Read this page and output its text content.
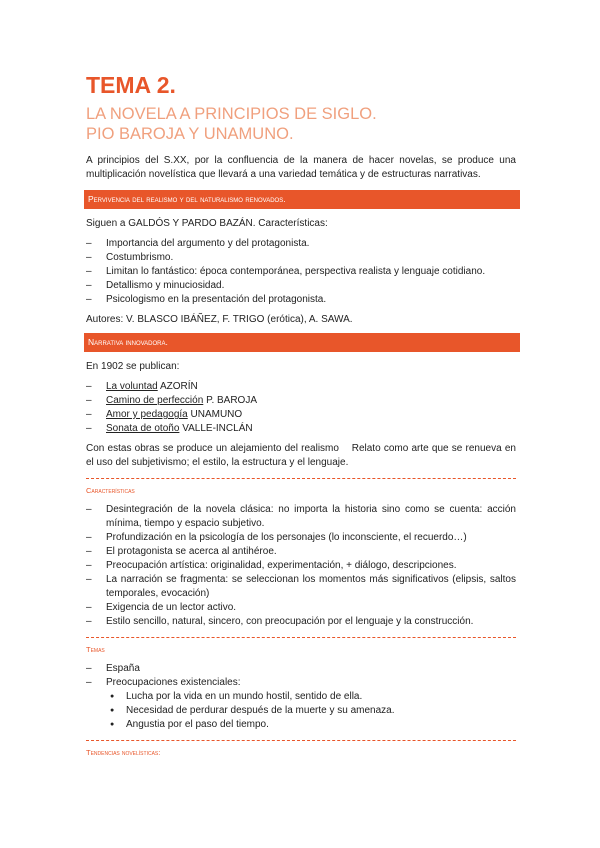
TEMA 2.
LA NOVELA A PRINCIPIOS DE SIGLO.
PIO BAROJA Y UNAMUNO.

A principios del S.XX, por la confluencia de la manera de hacer novelas, se produce una multiplicación novelística que llevará a una variedad temática y de estructuras narrativas.

Pervivencia del realismo y del naturalismo renovados.

Siguen a GALDÓS Y PARDO BAZÁN. Características:

– Importancia del argumento y del protagonista.
– Costumbrismo.
– Limitan lo fantástico: época contemporánea, perspectiva realista y lenguaje cotidiano.
– Detallismo y minuciosidad.
– Psicologismo en la presentación del protagonista.

Autores: V. BLASCO IBÁÑEZ, F. TRIGO (erótica), A. SAWA.

Narrativa innovadora.

En 1902 se publican:

– La voluntad AZORÍN
– Camino de perfección P. BAROJA
– Amor y pedagogía UNAMUNO
– Sonata de otoño VALLE-INCLÁN

Con estas obras se produce un alejamiento del realismo    Relato como arte que se renueva en el uso del subjetivismo; el estilo, la estructura y el lenguaje.

Características
– Desintegración de la novela clásica: no importa la historia sino como se cuenta: acción mínima, tiempo y espacio subjetivo.
– Profundización en la psicología de los personajes (lo inconsciente, el recuerdo…)
– El protagonista se acerca al antihéroe.
– Preocupación artística: originalidad, experimentación, + diálogo, descripciones.
– La narración se fragmenta: se seleccionan los momentos más significativos (elipsis, saltos temporales, evocación)
– Exigencia de un lector activo.
– Estilo sencillo, natural, sincero, con preocupación por el lenguaje y la construcción.
Temas
– España
– Preocupaciones existenciales:
● Lucha por la vida en un mundo hostil, sentido de ella.
● Necesidad de perdurar después de la muerte y su amenaza.
● Angustia por el paso del tiempo.
Tendencias novelísticas:
